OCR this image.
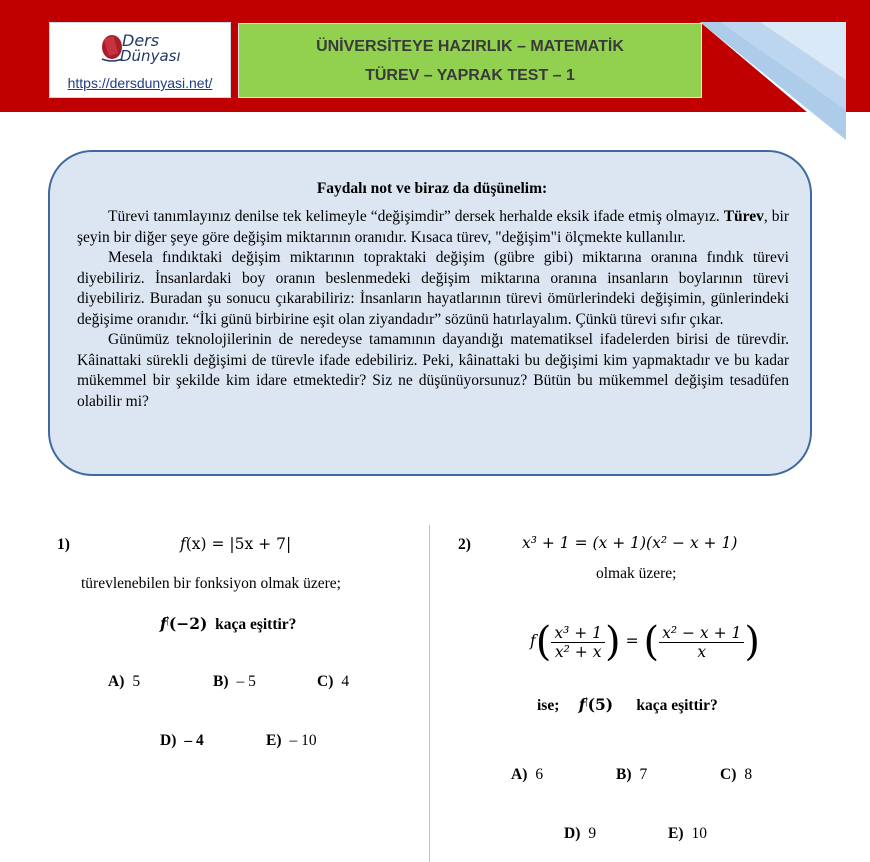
Ders
Dünyası
https://dersdunyasi.net/
ÜNİVERSİTEYE HAZIRLIK – MATEMATİK
TÜREV – YAPRAK TEST – 1
Faydalı not ve biraz da düşünelim:

Türevi tanımlayınız denilse tek kelimeyle “değişimdir” dersek herhalde eksik ifade etmiş olmayız. Türev, bir şeyin bir diğer şeye göre değişim miktarının oranıdır. Kısaca türev, "değişim"i ölçmekte kullanılır.

Mesela fındıktaki değişim miktarının topraktaki değişim (gübre gibi) miktarına oranına fındık türevi diyebiliriz. İnsanlardaki boy oranın beslenmedeki değişim miktarına oranına insanların boylarının türevi diyebiliriz. Buradan şu sonucu çıkarabiliriz: İnsanların hayatlarının türevi ömürlerindeki değişimin, günlerindeki değişime oranıdır. “İki günü birbirine eşit olan ziyandadır” sözünü hatırlayalım. Çünkü türevi sıfır çıkar.

Günümüz teknolojilerinin de neredeyse tamamının dayandığı matematiksel ifadelerden birisi de türevdir. Kâinattaki sürekli değişimi de türevle ifade edebiliriz. Peki, kâinattaki bu değişimi kim yapmaktadır ve bu kadar mükemmel bir şekilde kim idare etmektedir? Siz ne düşünüyorsunuz? Bütün bu mükemmel değişim tesadüfen olabilir mi?

1)	f(x) = |5x + 7|
türevlenebilen bir fonksiyon olmak üzere;
f|(−2) kaça eşittir?
A) 5	B) – 5	C) 4
D) – 4	E) – 10
2)	x³ + 1 = (x + 1)(x² − x + 1)
olmak üzere;
$f( \frac{\text{x³ + 1}}{\text{x² + x}}$ ) = ( $\frac{\text{x² − x + 1}}{x}$ )
ise; f|(5) kaça eşittir?
A) 6	B) 7	C) 8
D) 9	E) 10
